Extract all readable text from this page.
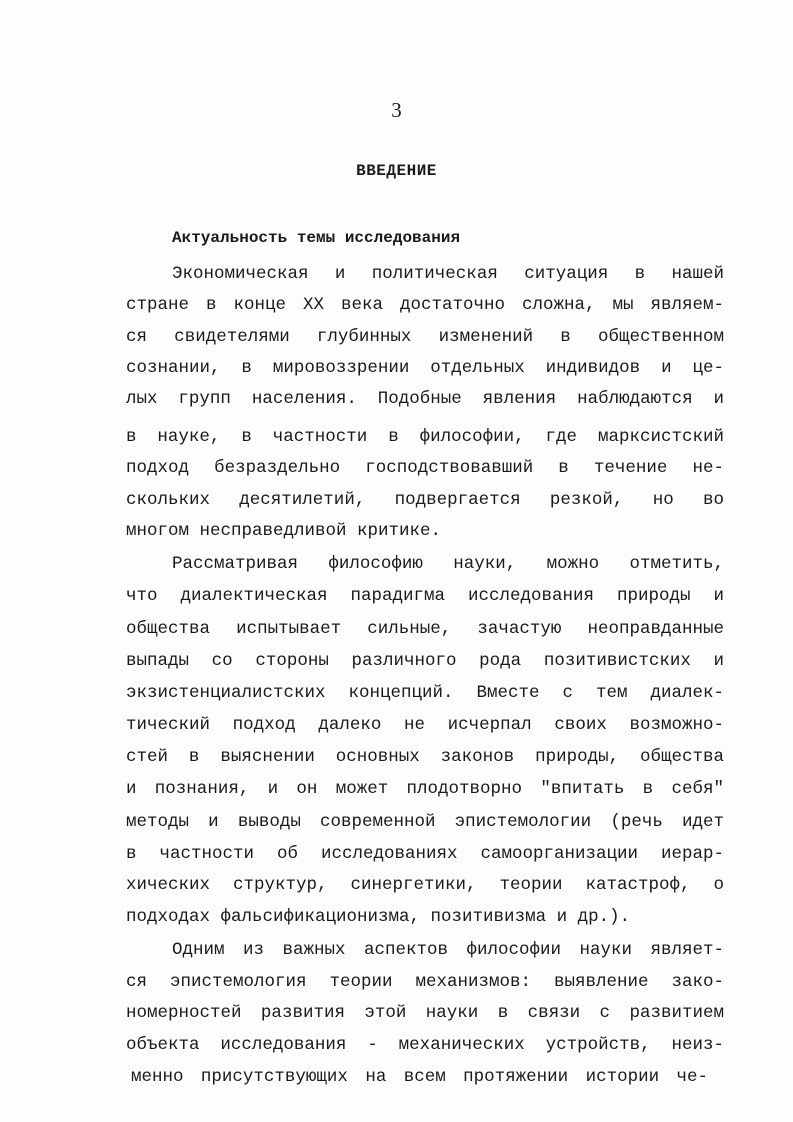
3
ВВЕДЕНИЕ
Актуальность темы исследования
Экономическая и политическая ситуация в нашей
стране в конце XX века достаточно сложна, мы являем-
ся свидетелями глубинных изменений в общественном
сознании, в мировоззрении отдельных индивидов и це-
лых групп населения. Подобные явления наблюдаются и
в науке, в частности в философии, где марксистский
подход безраздельно господствовавший в течение не-
скольких десятилетий, подвергается резкой, но во
многом несправедливой критике.
Рассматривая философию науки, можно отметить,
что диалектическая парадигма исследования природы и
общества испытывает сильные, зачастую неоправданные
выпады со стороны различного рода позитивистских и
экзистенциалистских концепций. Вместе с тем диалек-
тический подход далеко не исчерпал своих возможно-
стей в выяснении основных законов природы, общества
и познания, и он может плодотворно "впитать в себя"
методы и выводы современной эпистемологии (речь идет
в частности об исследованиях самоорганизации иерар-
хических структур, синергетики, теории катастроф, о
подходах фальсификационизма, позитивизма и др.).
Одним из важных аспектов философии науки являет-
ся эпистемология теории механизмов: выявление зако-
номерностей развития этой науки в связи с развитием
объекта исследования - механических устройств, неиз-
менно присутствующих на всем протяжении истории че-
